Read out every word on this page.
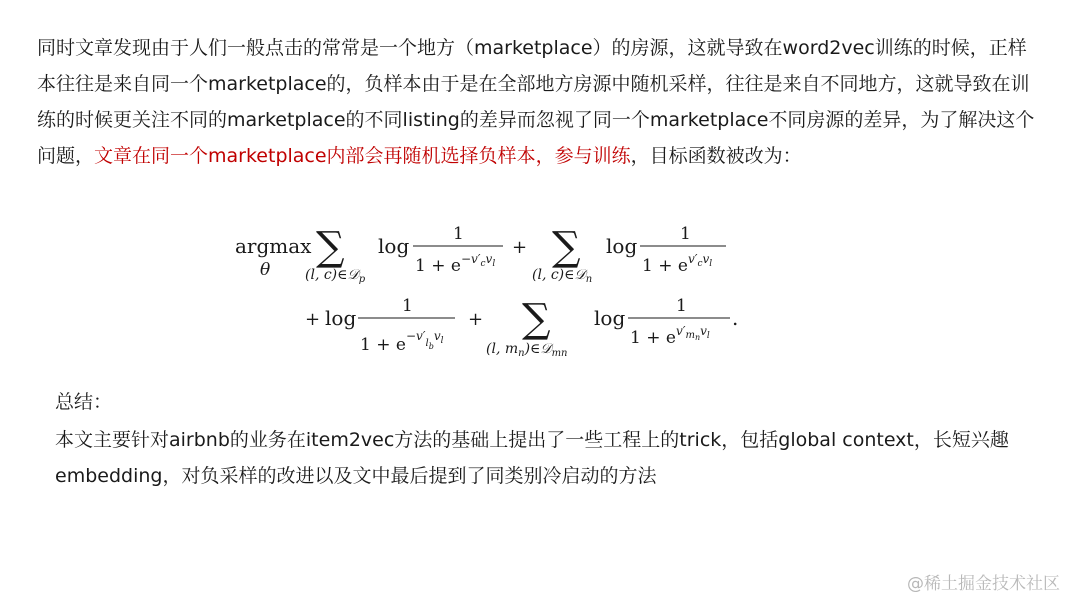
同时文章发现由于人们一般点击的常常是一个地方（marketplace）的房源，这就导致在word2vec训练的时候，正样本往往是来自同一个marketplace的，负样本由于是在全部地方房源中随机采样，往往是来自不同地方，这就导致在训练的时候更关注不同的marketplace的不同listing的差异而忽视了同一个marketplace不同房源的差异，为了解决这个问题，文章在同一个marketplace内部会再随机选择负样本，参与训练，目标函数被改为：

argmax
θ ∑
(l, c)∈𝒟$_p$
log	1
$1 + e^{-v'}cvl$
+ ∑
(l, c)∈𝒟$_n$
log	1
$1 + e^{v'}cvl$
+ log	1
$1 + e^{-v'}_lb^vl$
+ ∑
(l, $m_n)\in 𝒟_{mn}$
log	1
$1 + e^{v'}mn^vl$
.

总结：

本文主要针对airbnb的业务在item2vec方法的基础上提出了一些工程上的trick，包括global context，长短兴趣embedding，对负采样的改进以及文中最后提到了同类别冷启动的方法

@稀土掘金技术社区
